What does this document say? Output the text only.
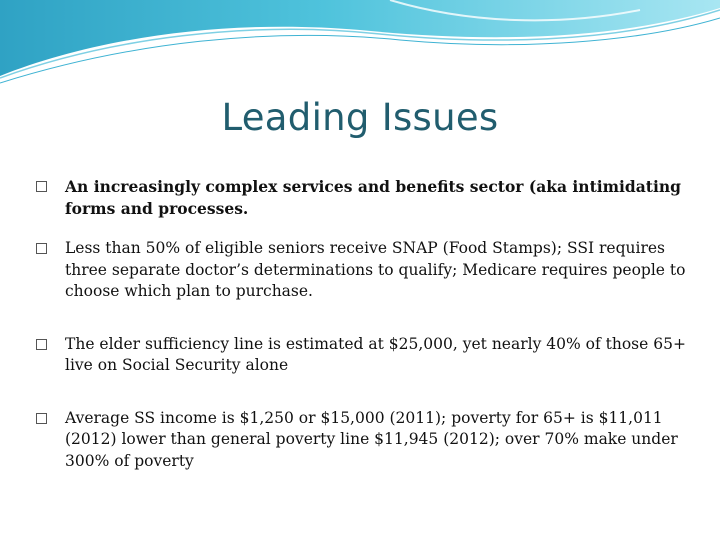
Leading Issues
An increasingly complex services and benefits sector (aka intimidating forms and processes.
Less than 50% of eligible seniors receive SNAP (Food Stamps); SSI requires three separate doctor’s determinations to qualify; Medicare requires people to choose which plan to purchase.
The elder sufficiency line is estimated at $25,000, yet nearly 40% of those 65+ live on Social Security alone
Average SS income is $1,250 or $15,000 (2011); poverty for 65+ is $11,011 (2012) lower than general poverty line $11,945 (2012); over 70% make under 300% of poverty
